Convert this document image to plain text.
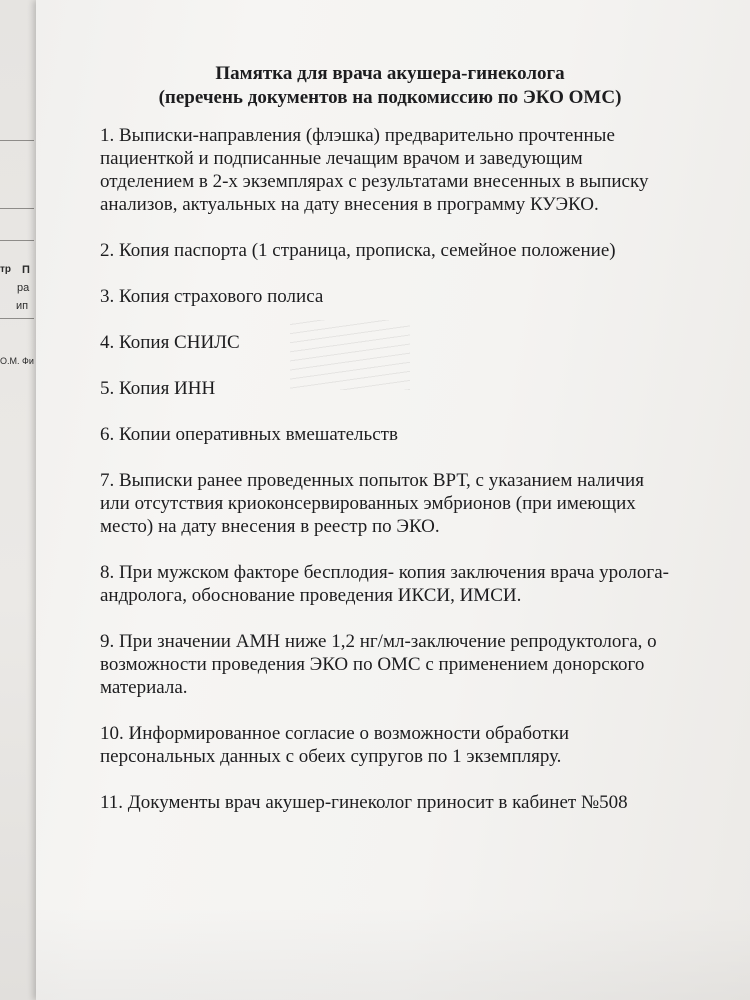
тр П
ра
ип
О.М. Фи
Памятка для врача акушера-гинеколога
(перечень документов на подкомиссию по ЭКО ОМС)
1. Выписки-направления (флэшка) предварительно прочтенные
пациенткой и подписанные лечащим врачом и заведующим
отделением в 2-х экземплярах с результатами внесенных в выписку
анализов, актуальных на дату внесения в программу КУЭКО.
2. Копия паспорта (1 страница, прописка, семейное положение)
3. Копия страхового полиса
4. Копия СНИЛС
5. Копия ИНН
6. Копии оперативных вмешательств
7. Выписки ранее проведенных попыток ВРТ, с указанием наличия
или отсутствия криоконсервированных эмбрионов (при имеющих
место) на дату внесения в реестр по ЭКО.
8. При мужском факторе бесплодия- копия заключения врача уролога-
андролога, обоснование проведения ИКСИ, ИМСИ.
9. При значении АМН ниже 1,2 нг/мл-заключение репродуктолога, о
возможности проведения ЭКО по ОМС с применением донорского
материала.
10. Информированное согласие о возможности обработки
персональных данных с обеих супругов по 1 экземпляру.
11. Документы врач акушер-гинеколог приносит в кабинет №508
